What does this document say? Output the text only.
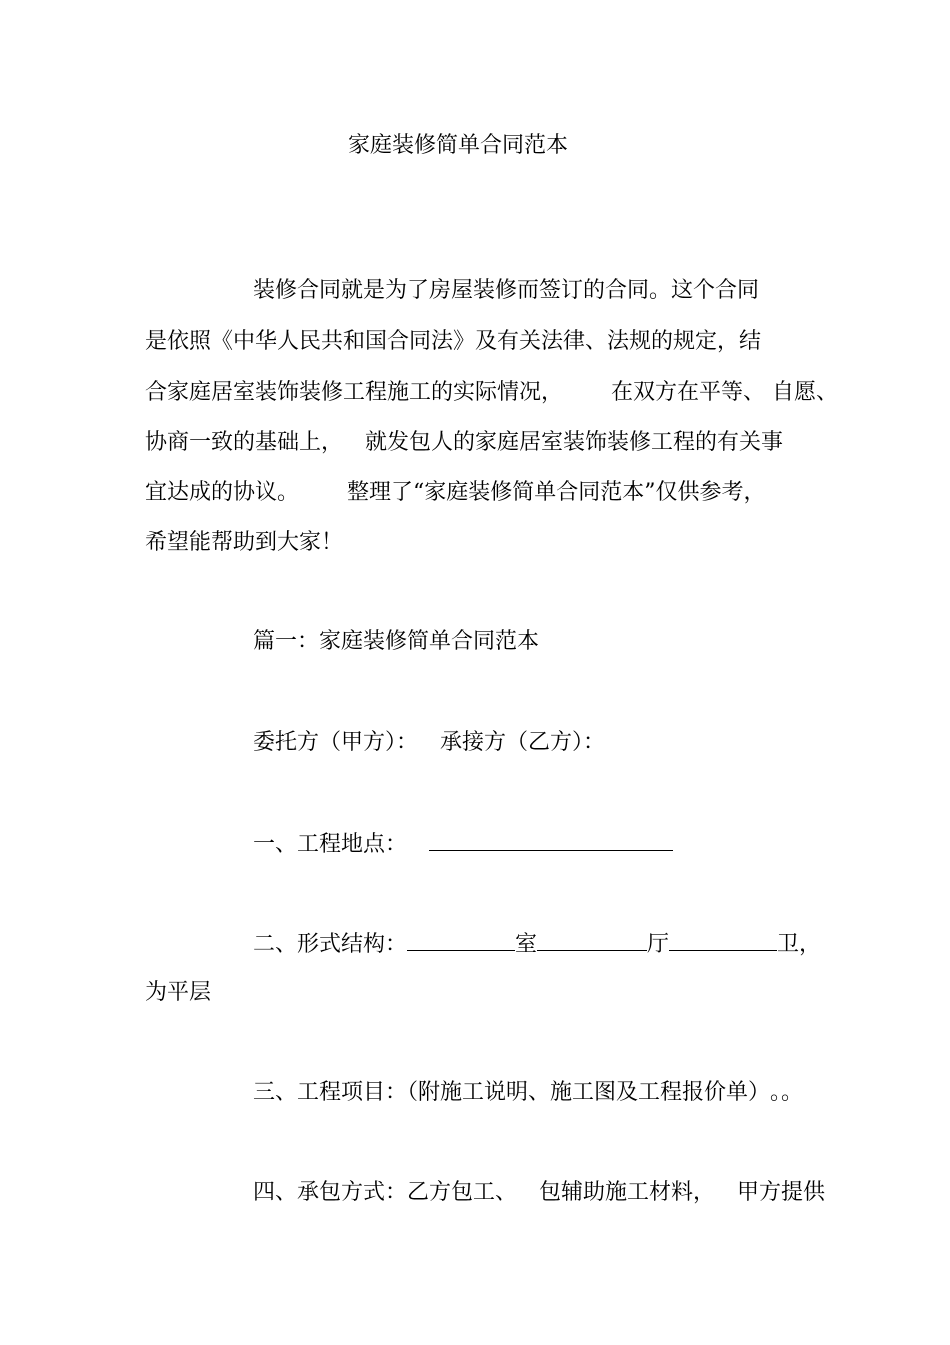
家庭装修简单合同范本
装修合同就是为了房屋装修而签订的合同。这个合同
是依照《中华人民共和国合同法》及有关法律、法规的规定，结
合家庭居室装饰装修工程施工的实际情况， 在双方在平等、 自愿、
协商一致的基础上， 就发包人的家庭居室装饰装修工程的有关事
宜达成的协议。 整理了“家庭装修简单合同范本”仅供参考，
希望能帮助到大家！
篇一：家庭装修简单合同范本
委托方（甲方）： 承接方（乙方）：
一、工程地点：
二、形式结构：	室	厅	卫，
为平层
三、工程项目：（附施工说明、施工图及工程报价单）。。
四、承包方式：乙方包工、 包辅助施工材料， 甲方提供
